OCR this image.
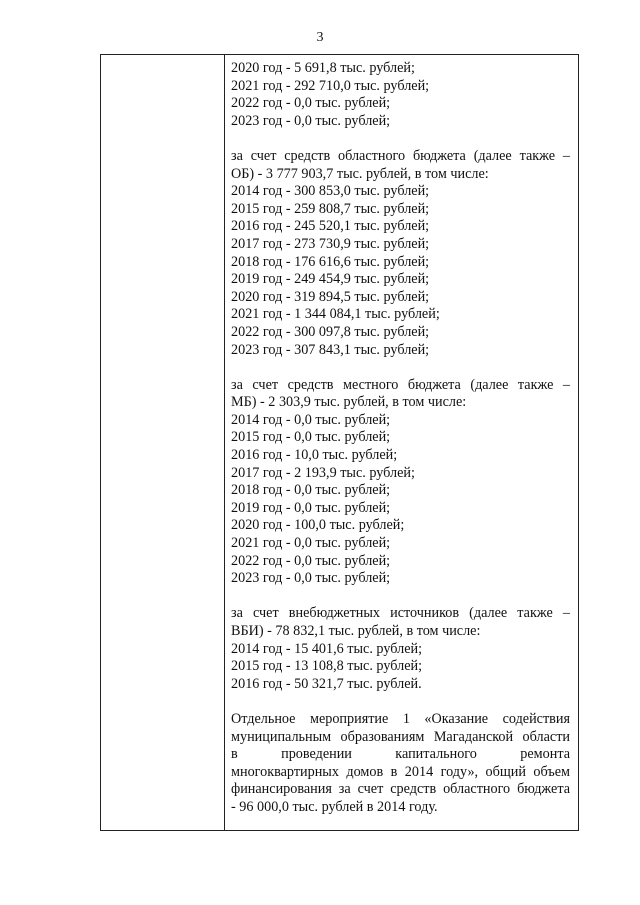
3
2020 год - 5 691,8 тыс. рублей;
2021 год - 292 710,0 тыс. рублей;
2022 год - 0,0 тыс. рублей;
2023 год - 0,0 тыс. рублей;
за счет средств областного бюджета (далее также –
ОБ) - 3 777 903,7 тыс. рублей, в том числе:
2014 год - 300 853,0 тыс. рублей;
2015 год - 259 808,7 тыс. рублей;
2016 год - 245 520,1 тыс. рублей;
2017 год - 273 730,9 тыс. рублей;
2018 год - 176 616,6 тыс. рублей;
2019 год - 249 454,9 тыс. рублей;
2020 год - 319 894,5 тыс. рублей;
2021 год - 1 344 084,1 тыс. рублей;
2022 год - 300 097,8 тыс. рублей;
2023 год - 307 843,1 тыс. рублей;
за счет средств местного бюджета (далее также –
МБ) - 2 303,9 тыс. рублей, в том числе:
2014 год - 0,0 тыс. рублей;
2015 год - 0,0 тыс. рублей;
2016 год - 10,0 тыс. рублей;
2017 год - 2 193,9 тыс. рублей;
2018 год - 0,0 тыс. рублей;
2019 год - 0,0 тыс. рублей;
2020 год - 100,0 тыс. рублей;
2021 год - 0,0 тыс. рублей;
2022 год - 0,0 тыс. рублей;
2023 год - 0,0 тыс. рублей;
за счет внебюджетных источников (далее также –
ВБИ) - 78 832,1 тыс. рублей, в том числе:
2014 год - 15 401,6 тыс. рублей;
2015 год - 13 108,8 тыс. рублей;
2016 год - 50 321,7 тыс. рублей.
Отдельное мероприятие 1 «Оказание содействия
муниципальным образованиям Магаданской области
в проведении капитального ремонта
многоквартирных домов в 2014 году», общий объем
финансирования за счет средств областного бюджета
- 96 000,0 тыс. рублей в 2014 году.
